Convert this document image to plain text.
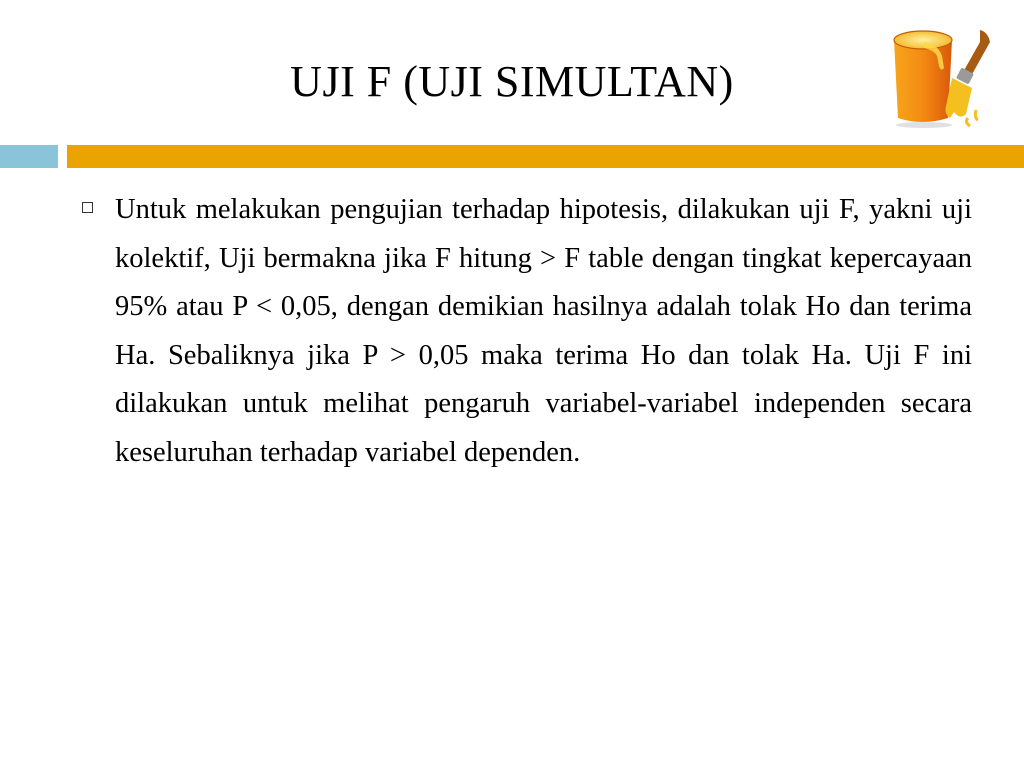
UJI F (UJI SIMULTAN)
Untuk melakukan pengujian terhadap hipotesis, dilakukan uji F, yakni uji kolektif, Uji bermakna jika F hitung > F table dengan tingkat kepercayaan 95% atau P < 0,05, dengan demikian hasilnya adalah tolak Ho dan terima Ha. Sebaliknya jika P > 0,05 maka terima Ho dan tolak Ha. Uji F ini dilakukan untuk melihat pengaruh variabel-variabel independen secara keseluruhan terhadap variabel dependen.
